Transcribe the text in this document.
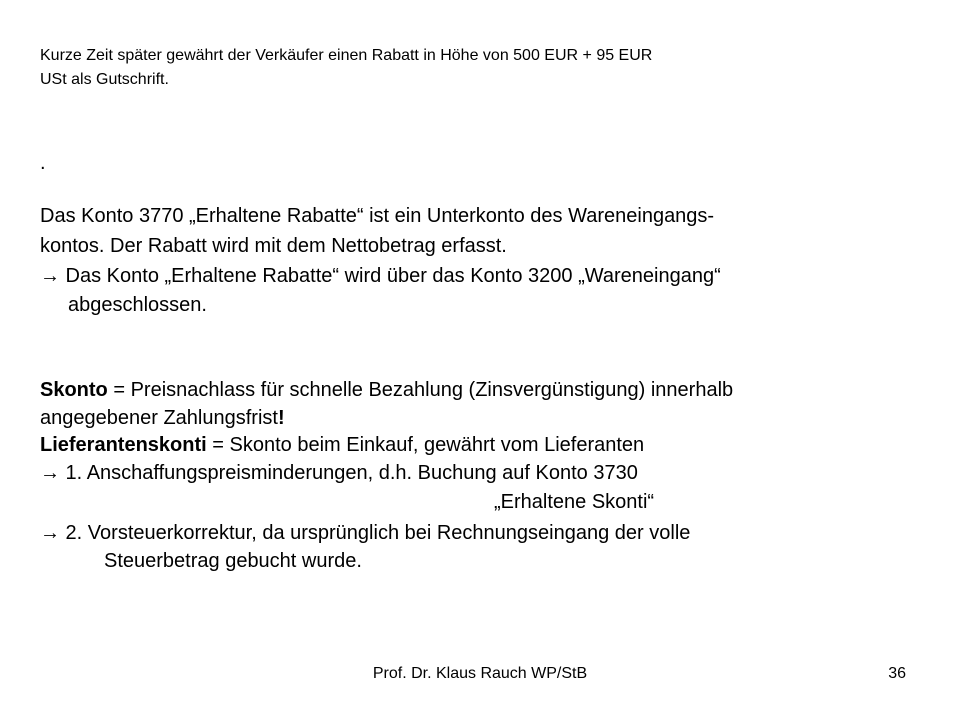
Kurze Zeit später gewährt der Verkäufer einen Rabatt in Höhe von 500 EUR + 95 EUR
USt als Gutschrift.
.
Das Konto 3770 „Erhaltene Rabatte“ ist ein Unterkonto des Wareneingangs-
kontos. Der Rabatt wird mit dem Nettobetrag erfasst.
→ Das Konto „Erhaltene Rabatte“ wird über das Konto 3200 „Wareneingang“
abgeschlossen.
Skonto = Preisnachlass für schnelle Bezahlung (Zinsvergünstigung) innerhalb
angegebener Zahlungsfrist!
Lieferantenskonti = Skonto beim Einkauf, gewährt vom Lieferanten
→ 1. Anschaffungspreisminderungen, d.h. Buchung auf Konto 3730
„Erhaltene Skonti“
→ 2. Vorsteuerkorrektur, da ursprünglich bei Rechnungseingang der volle
Steuerbetrag gebucht wurde.
Prof. Dr. Klaus Rauch WP/StB	36
